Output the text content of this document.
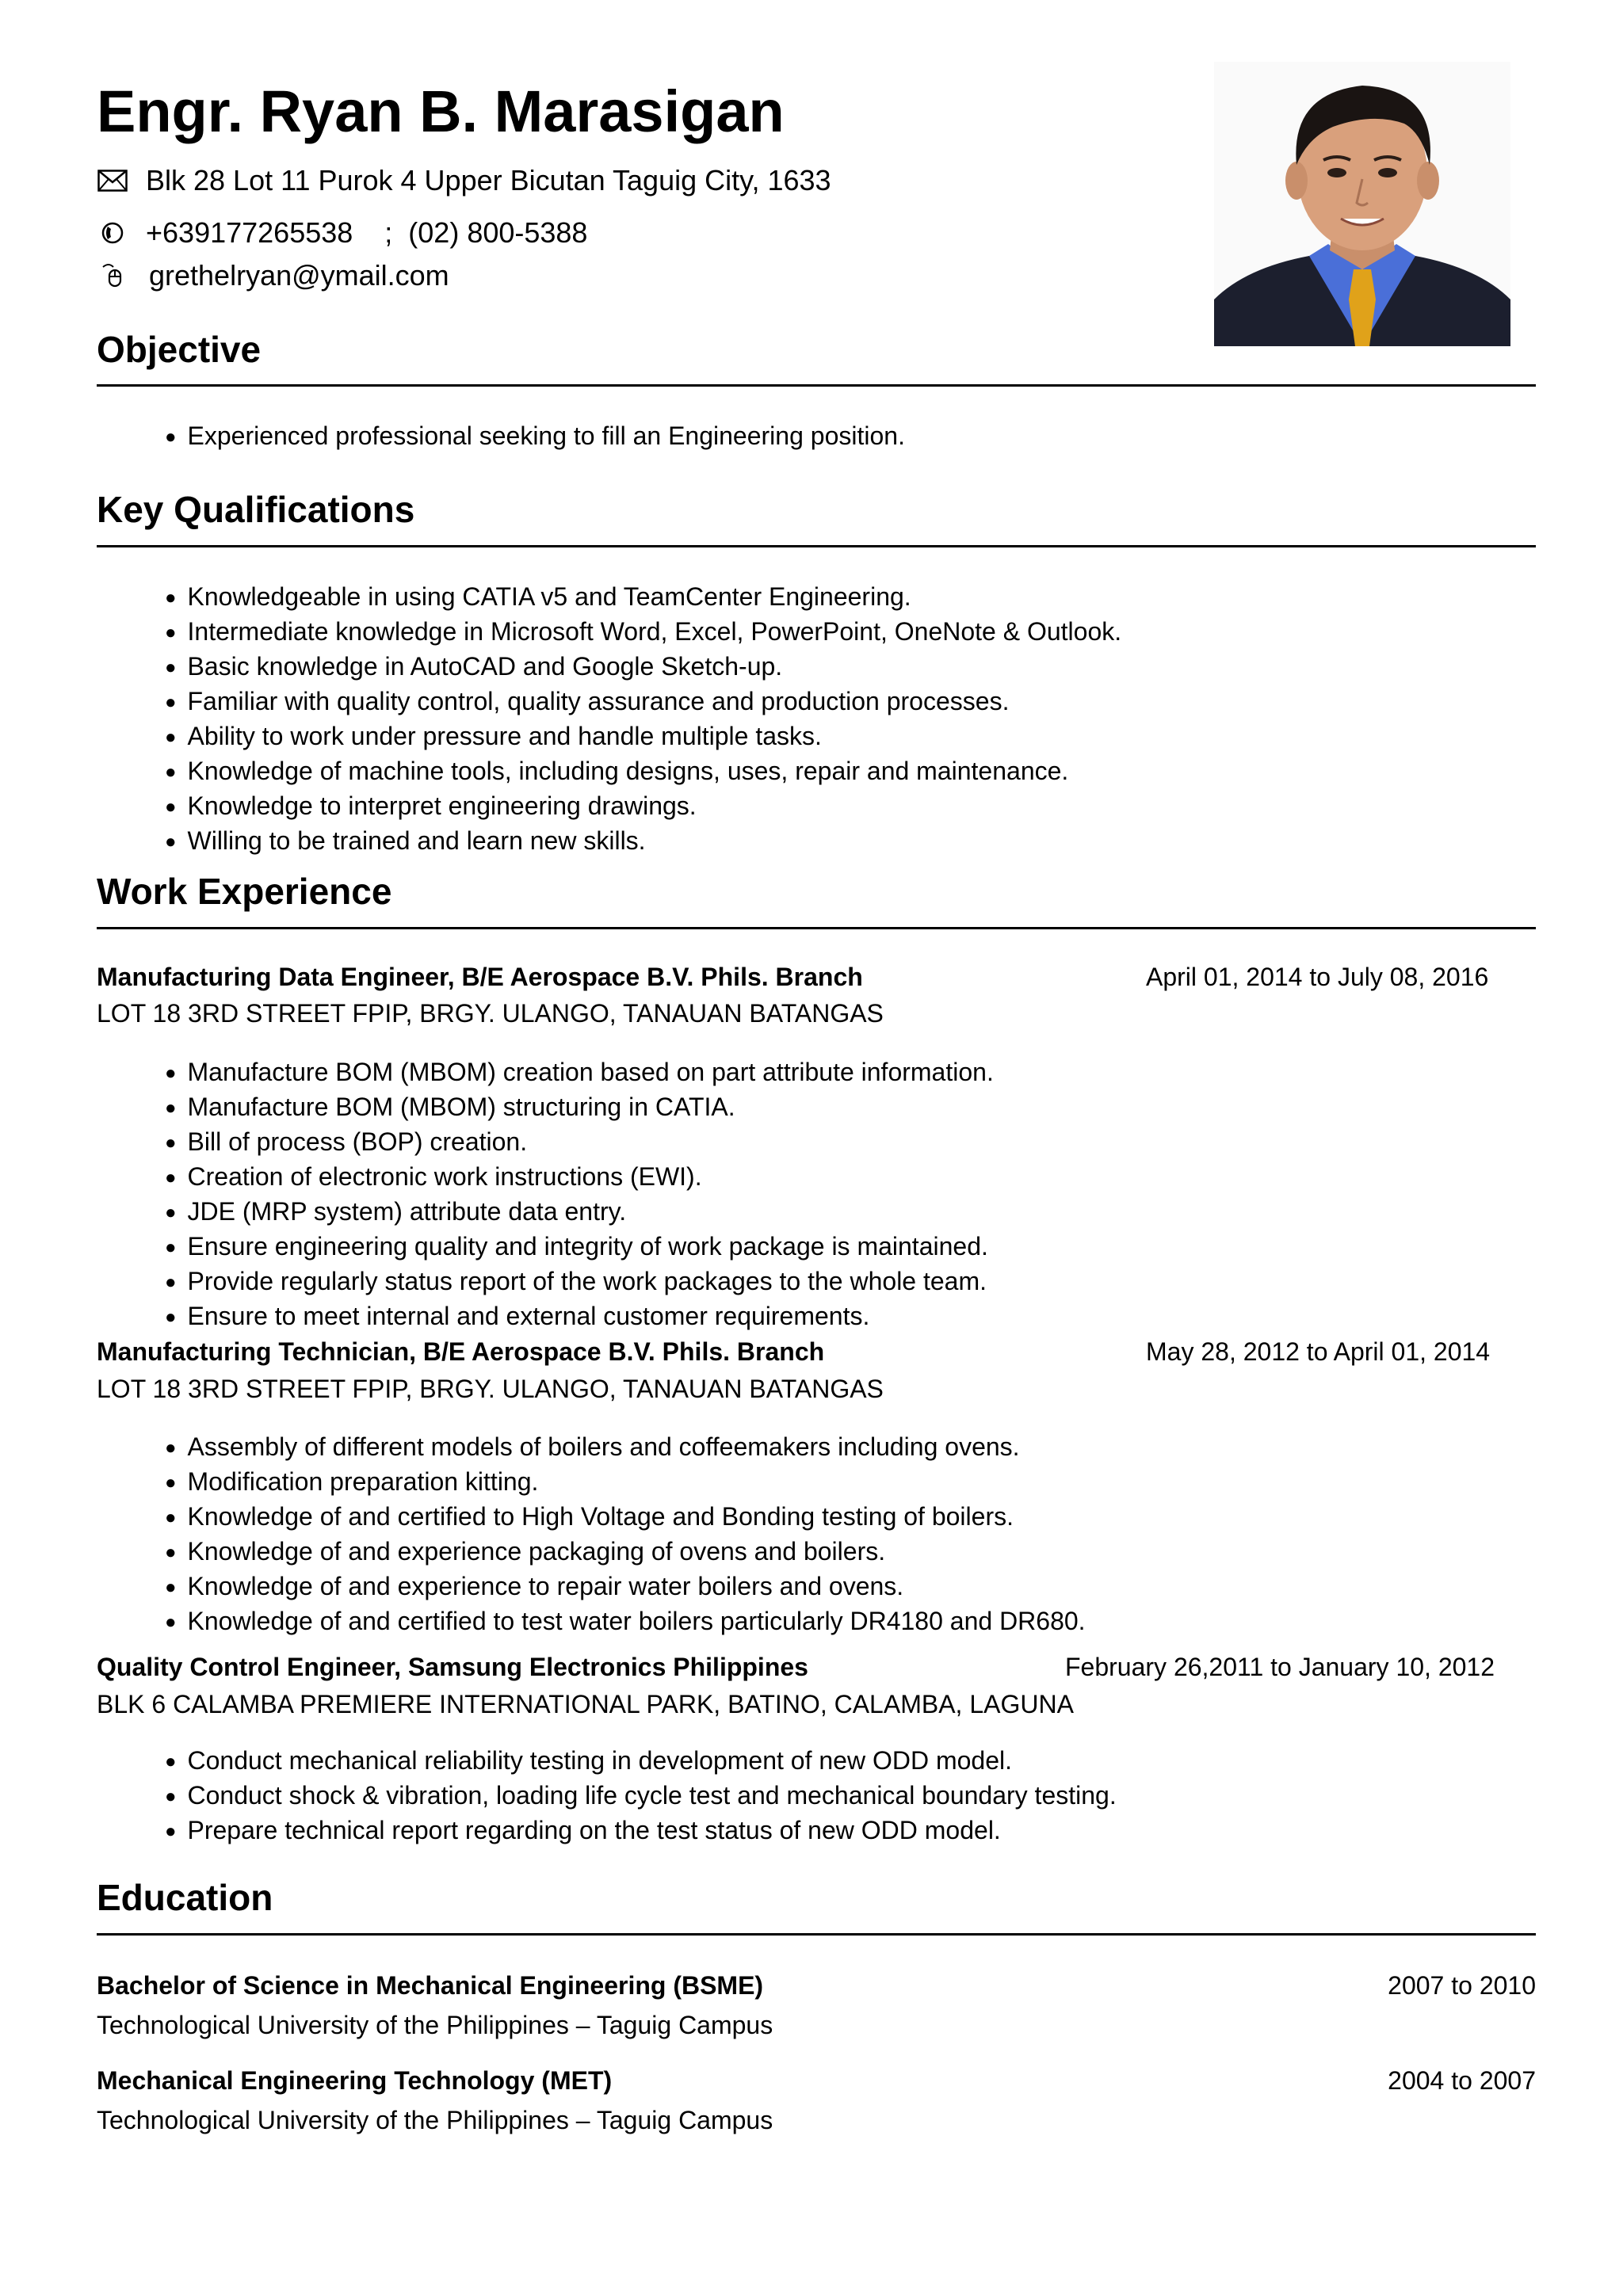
Engr. Ryan B. Marasigan
Blk 28 Lot 11 Purok 4 Upper Bicutan Taguig City, 1633
+639177265538    ;  (02) 800-5388
grethelryan@ymail.com
Objective
● Experienced professional seeking to fill an Engineering position.
Key Qualifications
● Knowledgeable in using CATIA v5 and TeamCenter Engineering.
● Intermediate knowledge in Microsoft Word, Excel, PowerPoint, OneNote & Outlook.
● Basic knowledge in AutoCAD and Google Sketch-up.
● Familiar with quality control, quality assurance and production processes.
● Ability to work under pressure and handle multiple tasks.
● Knowledge of machine tools, including designs, uses, repair and maintenance.
● Knowledge to interpret engineering drawings.
● Willing to be trained and learn new skills.
Work Experience
Manufacturing Data Engineer, B/E Aerospace B.V. Phils. Branch	April 01, 2014 to July 08, 2016
LOT 18 3RD STREET FPIP, BRGY. ULANGO, TANAUAN BATANGAS
● Manufacture BOM (MBOM) creation based on part attribute information.
● Manufacture BOM (MBOM) structuring in CATIA.
● Bill of process (BOP) creation.
● Creation of electronic work instructions (EWI).
● JDE (MRP system) attribute data entry.
● Ensure engineering quality and integrity of work package is maintained.
● Provide regularly status report of the work packages to the whole team.
● Ensure to meet internal and external customer requirements.
Manufacturing Technician, B/E Aerospace B.V. Phils. Branch	May 28, 2012 to April 01, 2014
LOT 18 3RD STREET FPIP, BRGY. ULANGO, TANAUAN BATANGAS
● Assembly of different models of boilers and coffeemakers including ovens.
● Modification preparation kitting.
● Knowledge of and certified to High Voltage and Bonding testing of boilers.
● Knowledge of and experience packaging of ovens and boilers.
● Knowledge of and experience to repair water boilers and ovens.
● Knowledge of and certified to test water boilers particularly DR4180 and DR680.
Quality Control Engineer, Samsung Electronics Philippines	February 26,2011 to January 10, 2012
BLK 6 CALAMBA PREMIERE INTERNATIONAL PARK, BATINO, CALAMBA, LAGUNA
● Conduct mechanical reliability testing in development of new ODD model.
● Conduct shock & vibration, loading life cycle test and mechanical boundary testing.
● Prepare technical report regarding on the test status of new ODD model.
Education
Bachelor of Science in Mechanical Engineering (BSME)	2007 to 2010
Technological University of the Philippines – Taguig Campus
Mechanical Engineering Technology (MET)	2004 to 2007
Technological University of the Philippines – Taguig Campus
